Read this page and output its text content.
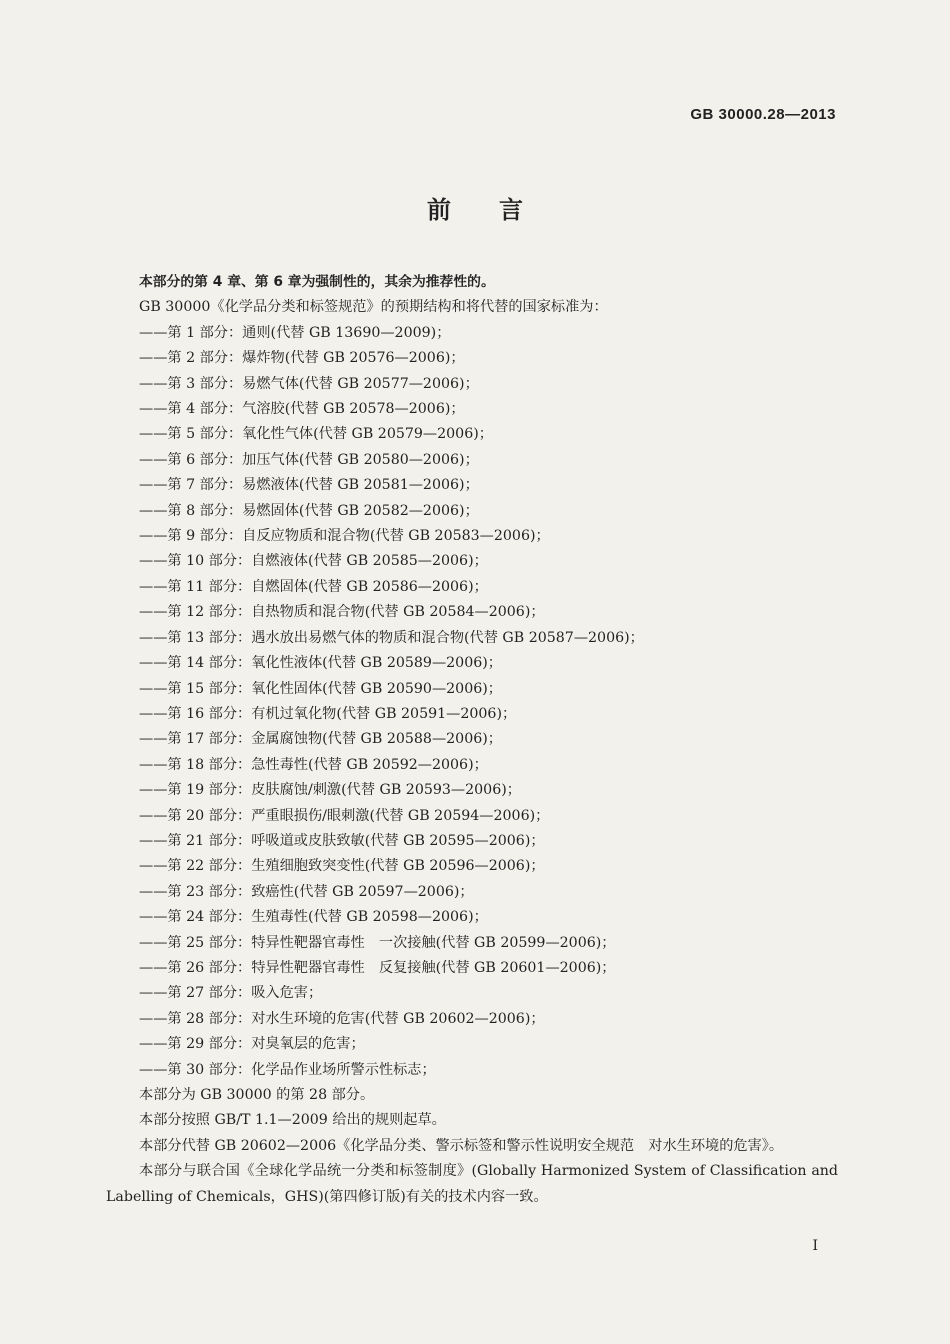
GB 30000.28—2013
前言

本部分的第 4 章、第 6 章为强制性的，其余为推荐性的。

GB 30000《化学品分类和标签规范》的预期结构和将代替的国家标准为：

——第 1 部分：通则(代替 GB 13690—2009)；

——第 2 部分：爆炸物(代替 GB 20576—2006)；

——第 3 部分：易燃气体(代替 GB 20577—2006)；

——第 4 部分：气溶胶(代替 GB 20578—2006)；

——第 5 部分：氧化性气体(代替 GB 20579—2006)；

——第 6 部分：加压气体(代替 GB 20580—2006)；

——第 7 部分：易燃液体(代替 GB 20581—2006)；

——第 8 部分：易燃固体(代替 GB 20582—2006)；

——第 9 部分：自反应物质和混合物(代替 GB 20583—2006)；

——第 10 部分：自燃液体(代替 GB 20585—2006)；

——第 11 部分：自燃固体(代替 GB 20586—2006)；

——第 12 部分：自热物质和混合物(代替 GB 20584—2006)；

——第 13 部分：遇水放出易燃气体的物质和混合物(代替 GB 20587—2006)；

——第 14 部分：氧化性液体(代替 GB 20589—2006)；

——第 15 部分：氧化性固体(代替 GB 20590—2006)；

——第 16 部分：有机过氧化物(代替 GB 20591—2006)；

——第 17 部分：金属腐蚀物(代替 GB 20588—2006)；

——第 18 部分：急性毒性(代替 GB 20592—2006)；

——第 19 部分：皮肤腐蚀/刺激(代替 GB 20593—2006)；

——第 20 部分：严重眼损伤/眼刺激(代替 GB 20594—2006)；

——第 21 部分：呼吸道或皮肤致敏(代替 GB 20595—2006)；

——第 22 部分：生殖细胞致突变性(代替 GB 20596—2006)；

——第 23 部分：致癌性(代替 GB 20597—2006)；

——第 24 部分：生殖毒性(代替 GB 20598—2006)；

——第 25 部分：特异性靶器官毒性　一次接触(代替 GB 20599—2006)；

——第 26 部分：特异性靶器官毒性　反复接触(代替 GB 20601—2006)；

——第 27 部分：吸入危害；

——第 28 部分：对水生环境的危害(代替 GB 20602—2006)；

——第 29 部分：对臭氧层的危害；

——第 30 部分：化学品作业场所警示性标志；

本部分为 GB 30000 的第 28 部分。

本部分按照 GB/T 1.1—2009 给出的规则起草。

本部分代替 GB 20602—2006《化学品分类、警示标签和警示性说明安全规范　对水生环境的危害》。

本部分与联合国《全球化学品统一分类和标签制度》(Globally Harmonized System of Classification and Labelling of Chemicals，GHS)(第四修订版)有关的技术内容一致。

I
